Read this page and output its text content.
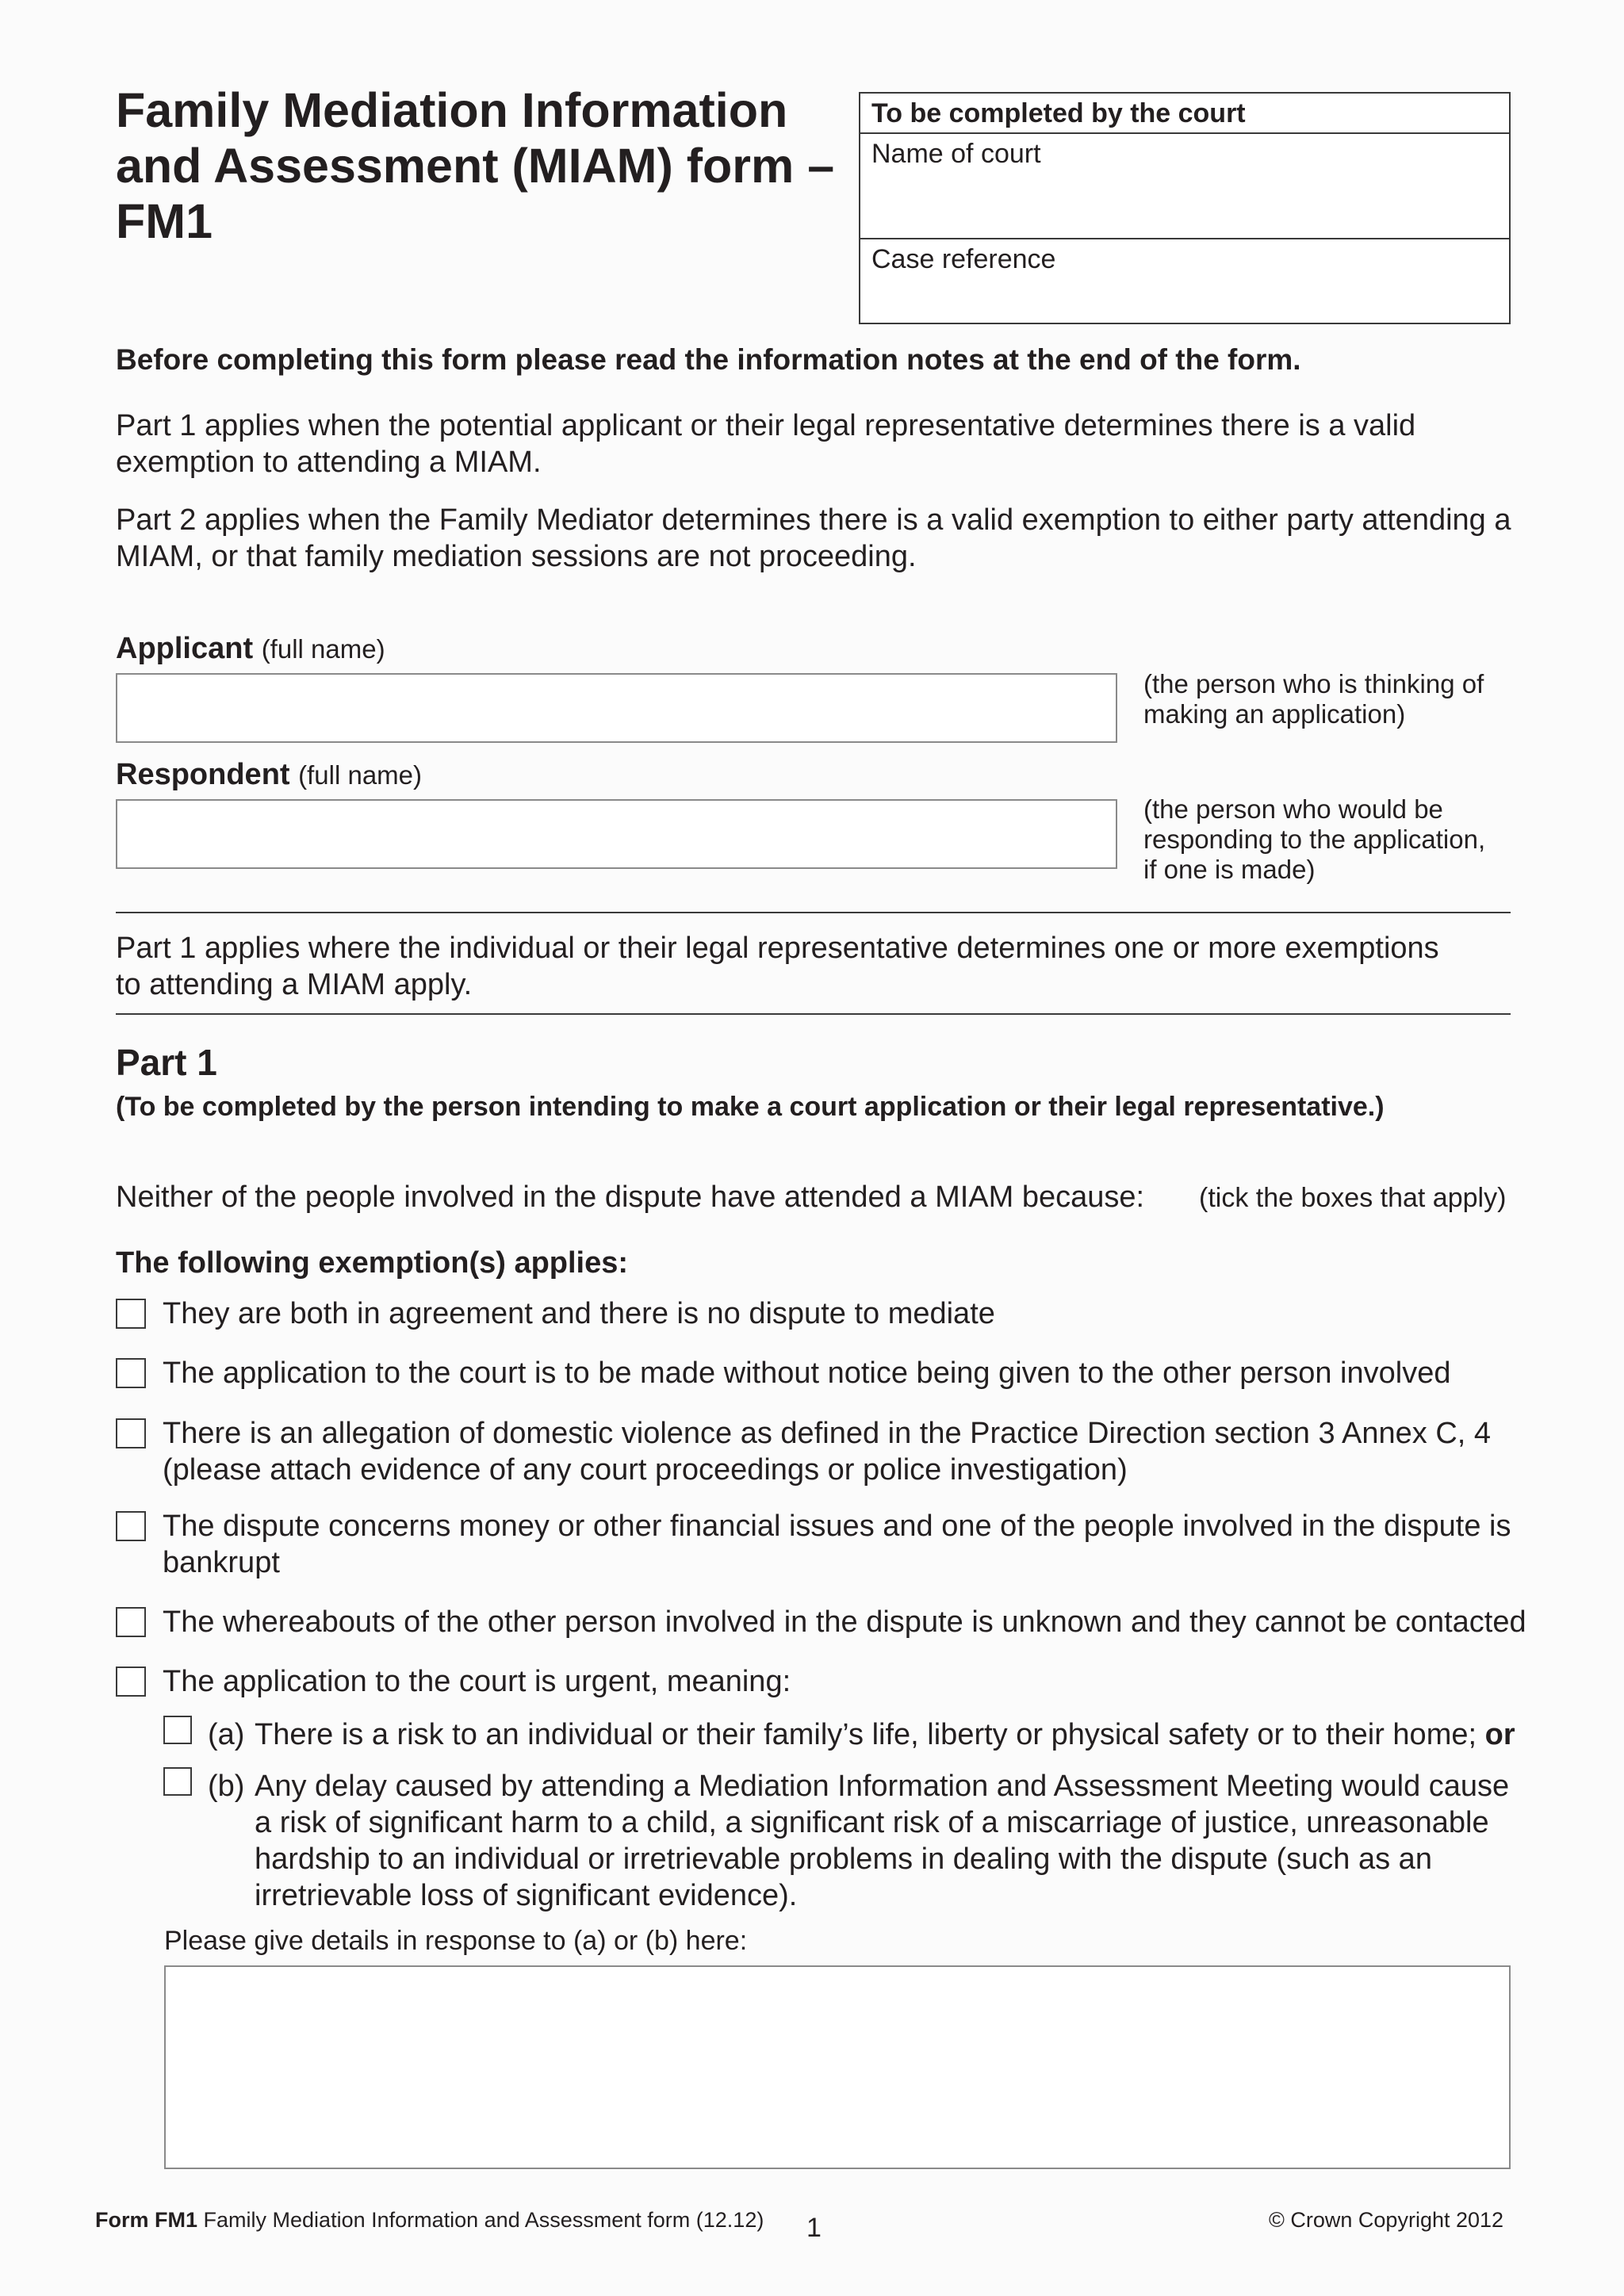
Family Mediation Information
and Assessment (MIAM) form –
FM1
To be completed by the court
Name of court
Case reference
Before completing this form please read the information notes at the end of the form.
Part 1 applies when the potential applicant or their legal representative determines there is a valid
exemption to attending a MIAM.
Part 2 applies when the Family Mediator determines there is a valid exemption to either party attending a
MIAM, or that family mediation sessions are not proceeding.
Applicant (full name)
(the person who is thinking of
making an application)
Respondent (full name)
(the person who would be
responding to the application,
if one is made)
Part 1 applies where the individual or their legal representative determines one or more exemptions
to attending a MIAM apply.
Part 1
(To be completed by the person intending to make a court application or their legal representative.)
Neither of the people involved in the dispute have attended a MIAM because: (tick the boxes that apply)
The following exemption(s) applies:
They are both in agreement and there is no dispute to mediate
The application to the court is to be made without notice being given to the other person involved
There is an allegation of domestic violence as defined in the Practice Direction section 3 Annex C, 4
(please attach evidence of any court proceedings or police investigation)
The dispute concerns money or other financial issues and one of the people involved in the dispute is
bankrupt
The whereabouts of the other person involved in the dispute is unknown and they cannot be contacted
The application to the court is urgent, meaning:
(a) There is a risk to an individual or their family’s life, liberty or physical safety or to their home; or
(b) Any delay caused by attending a Mediation Information and Assessment Meeting would cause
a risk of significant harm to a child, a significant risk of a miscarriage of justice, unreasonable
hardship to an individual or irretrievable problems in dealing with the dispute (such as an
irretrievable loss of significant evidence).
Please give details in response to (a) or (b) here:
Form FM1 Family Mediation Information and Assessment form (12.12) 1	© Crown Copyright 2012
